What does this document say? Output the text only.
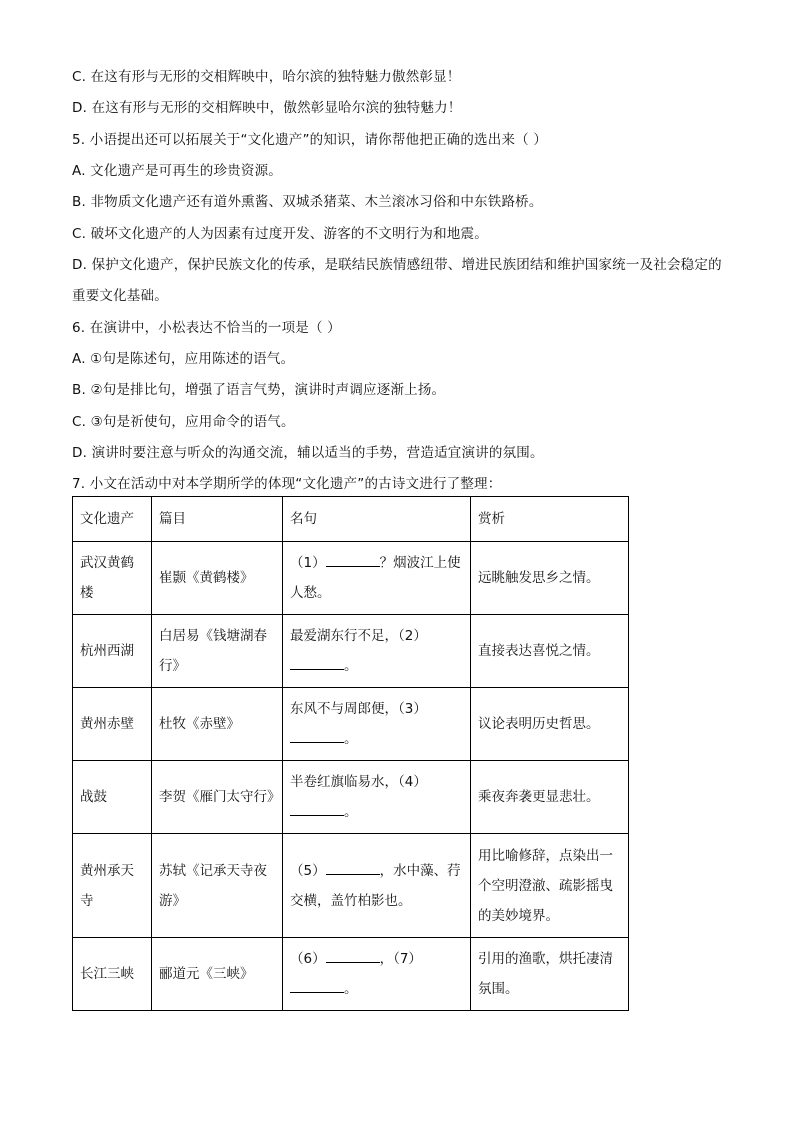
C. 在这有形与无形的交相辉映中，哈尔滨的独特魅力傲然彰显！
D. 在这有形与无形的交相辉映中，傲然彰显哈尔滨的独特魅力！
5. 小语提出还可以拓展关于“文化遗产”的知识，请你帮他把正确的选出来（ ）
A. 文化遗产是可再生的珍贵资源。
B. 非物质文化遗产还有道外熏酱、双城杀猪菜、木兰滚冰习俗和中东铁路桥。
C. 破坏文化遗产的人为因素有过度开发、游客的不文明行为和地震。
D. 保护文化遗产，保护民族文化的传承，是联结民族情感纽带、增进民族团结和维护国家统一及社会稳定的重要文化基础。
6. 在演讲中，小松表达不恰当的一项是（ ）
A. ①句是陈述句，应用陈述的语气。
B. ②句是排比句，增强了语言气势，演讲时声调应逐渐上扬。
C. ③句是祈使句，应用命令的语气。
D. 演讲时要注意与听众的沟通交流，辅以适当的手势，营造适宜演讲的氛围。
7. 小文在活动中对本学期所学的体现“文化遗产”的古诗文进行了整理：
文化遗产	篇目	名句	赏析
武汉黄鹤楼	崔颢《黄鹤楼》	（1） ？烟波江上使人愁。	远眺触发思乡之情。
杭州西湖	白居易《钱塘湖春行》	最爱湖东行不足，（2）
。	直接表达喜悦之情。
黄州赤壁	杜牧《赤壁》	东风不与周郎便，（3）
。	议论表明历史哲思。
战鼓	李贺《雁门太守行》	半卷红旗临易水，（4）
。	乘夜奔袭更显悲壮。
黄州承天寺	苏轼《记承天寺夜游》	（5） ，水中藻、荇交横，盖竹柏影也。	用比喻修辞，点染出一个空明澄澈、疏影摇曳的美妙境界。
长江三峡	郦道元《三峡》	（6） ，（7）
。	引用的渔歌，烘托凄清氛围。
